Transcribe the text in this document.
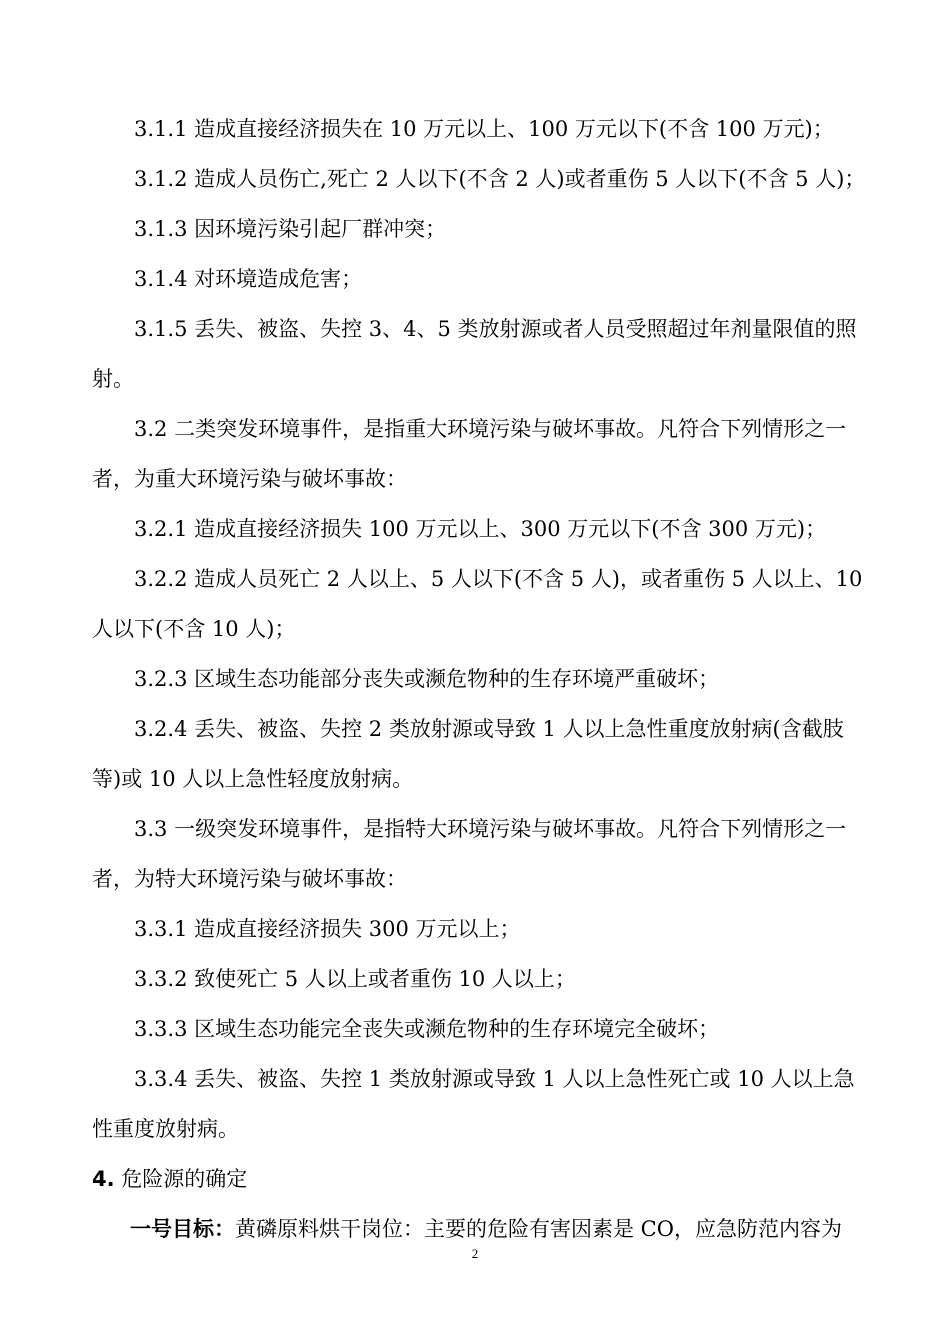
3.1.1 造成直接经济损失在 10 万元以上、100 万元以下(不含 100 万元)；
3.1.2 造成人员伤亡,死亡 2 人以下(不含 2 人)或者重伤 5 人以下(不含 5 人)；
3.1.3 因环境污染引起厂群冲突；
3.1.4 对环境造成危害；
3.1.5 丢失、被盗、失控 3、4、5 类放射源或者人员受照超过年剂量限值的照
射。
3.2 二类突发环境事件，是指重大环境污染与破坏事故。凡符合下列情形之一
者，为重大环境污染与破坏事故：
3.2.1 造成直接经济损失 100 万元以上、300 万元以下(不含 300 万元)；
3.2.2 造成人员死亡 2 人以上、5 人以下(不含 5 人)，或者重伤 5 人以上、10
人以下(不含 10 人)；
3.2.3 区域生态功能部分丧失或濒危物种的生存环境严重破坏；
3.2.4 丢失、被盗、失控 2 类放射源或导致 1 人以上急性重度放射病(含截肢
等)或 10 人以上急性轻度放射病。
3.3 一级突发环境事件，是指特大环境污染与破坏事故。凡符合下列情形之一
者，为特大环境污染与破坏事故：
3.3.1 造成直接经济损失 300 万元以上；
3.3.2 致使死亡 5 人以上或者重伤 10 人以上；
3.3.3 区域生态功能完全丧失或濒危物种的生存环境完全破坏；
3.3.4 丢失、被盗、失控 1 类放射源或导致 1 人以上急性死亡或 10 人以上急
性重度放射病。
4. 危险源的确定
一号目标：黄磷原料烘干岗位：主要的危险有害因素是 CO，应急防范内容为
2
